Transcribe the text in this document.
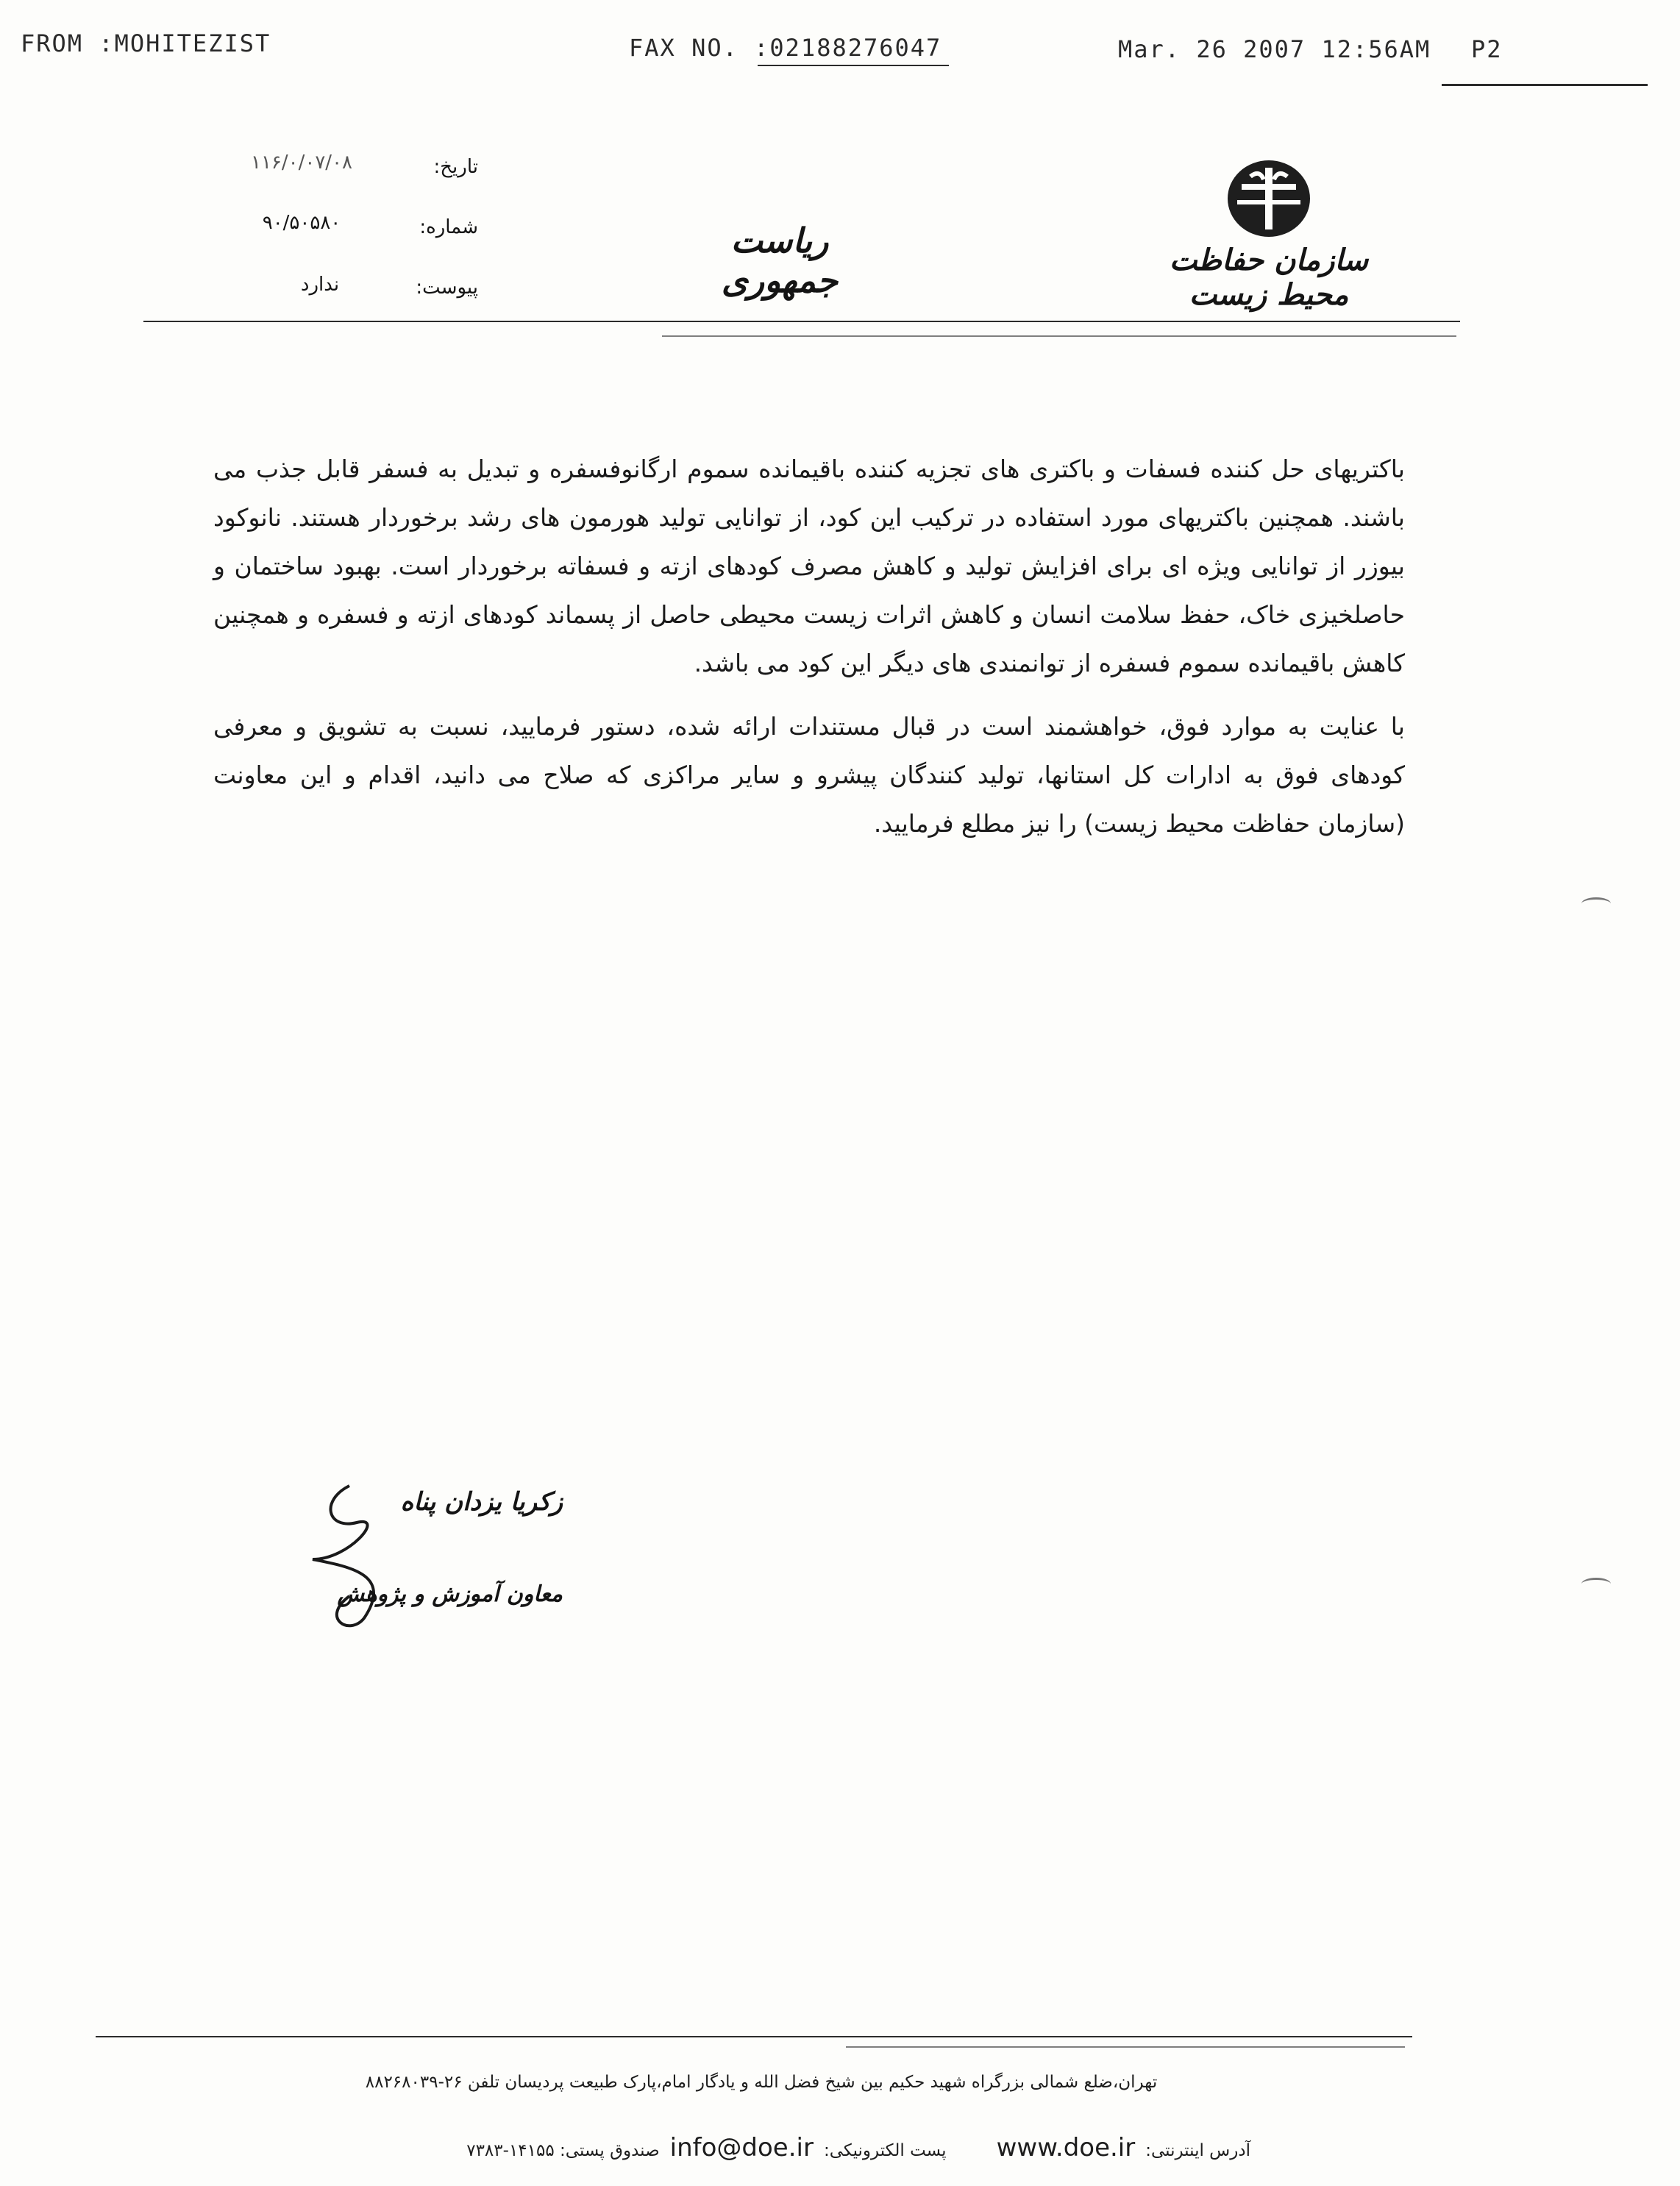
FROM :MOHITEZIST	FAX NO. :02188276047	Mar. 26 2007 12:56AM P2
سازمان حفاظت محیط زیست
ریاست جمهوری
تاریخ:
۱۱۶/۰/۰۷/۰۸
شماره:
۹۰/۵۰۵۸۰
پیوست:
ندارد

باکتریهای حل کننده فسفات و باکتری های تجزیه کننده باقیمانده سموم ارگانوفسفره و تبدیل به فسفر قابل جذب می باشند. همچنین باکتریهای مورد استفاده در ترکیب این کود، از توانایی تولید هورمون های رشد برخوردار هستند. نانوکود بیوزر از توانایی ویژه ای برای افزایش تولید و کاهش مصرف کودهای ازته و فسفاته برخوردار است. بهبود ساختمان و حاصلخیزی خاک، حفظ سلامت انسان و کاهش اثرات زیست محیطی حاصل از پسماند کودهای ازته و فسفره و همچنین کاهش باقیمانده سموم فسفره از توانمندی های دیگر این کود می باشد.

با عنایت به موارد فوق، خواهشمند است در قبال مستندات ارائه شده، دستور فرمایید، نسبت به تشویق و معرفی کودهای فوق به ادارات کل استانها، تولید کنندگان پیشرو و سایر مراکزی که صلاح می دانید، اقدام و این معاونت (سازمان حفاظت محیط زیست) را نیز مطلع فرمایید.

زکریا یزدان پناه
معاون آموزش و پژوهش
تهران،ضلع شمالی بزرگراه شهید حکیم بین شیخ فضل الله و یادگار امام،پارک طبیعت پردیسان تلفن ۲۶-۸۸۲۶۸۰۳۹
آدرس اینترنتی:
www.doe.ir
پست الکترونیکی:
info@doe.ir
صندوق پستی: ۱۴۱۵۵-۷۳۸۳
